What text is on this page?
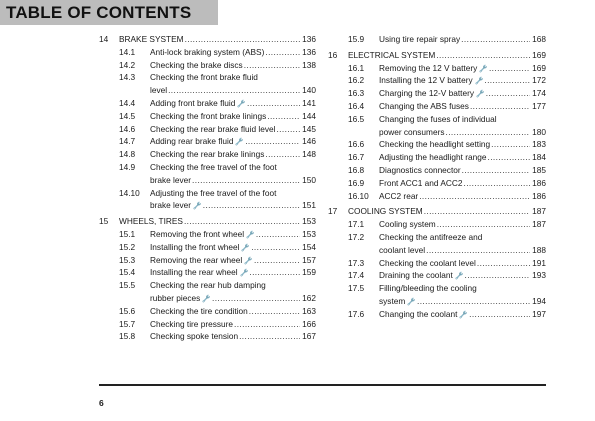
TABLE OF CONTENTS
14 BRAKE SYSTEM .....	136
14.1 Anti-lock braking system (ABS) .....	136
14.2 Checking the brake discs .....	138
14.3 Checking the front brake fluid
level .....	140
14.4 Adding front brake fluid 🔧 .....	141
14.5 Checking the front brake linings .....	144
14.6 Checking the rear brake fluid level .....	145
14.7 Adding rear brake fluid 🔧 .....	146
14.8 Checking the rear brake linings .....	148
14.9 Checking the free travel of the foot
brake lever .....	150
14.10 Adjusting the free travel of the foot
brake lever 🔧 .....	151
15 WHEELS, TIRES .....	153
15.1 Removing the front wheel 🔧 .....	153
15.2 Installing the front wheel 🔧 .....	154
15.3 Removing the rear wheel 🔧 .....	157
15.4 Installing the rear wheel 🔧 .....	159
15.5 Checking the rear hub damping
rubber pieces 🔧 .....	162
15.6 Checking the tire condition .....	163
15.7 Checking tire pressure .....	166
15.8 Checking spoke tension .....	167
15.9 Using tire repair spray .....	168
16 ELECTRICAL SYSTEM .....	169
16.1 Removing the 12 V battery 🔧 .....	169
16.2 Installing the 12 V battery 🔧 .....	172
16.3 Charging the 12-V battery 🔧 .....	174
16.4 Changing the ABS fuses .....	177
16.5 Changing the fuses of individual
power consumers .....	180
16.6 Checking the headlight setting .....	183
16.7 Adjusting the headlight range .....	184
16.8 Diagnostics connector .....	185
16.9 Front ACC1 and ACC2 .....	186
16.10 ACC2 rear .....	186
17 COOLING SYSTEM .....	187
17.1 Cooling system .....	187
17.2 Checking the antifreeze and
coolant level .....	188
17.3 Checking the coolant level .....	191
17.4 Draining the coolant 🔧 .....	193
17.5 Filling/bleeding the cooling
system 🔧 .....	194
17.6 Changing the coolant 🔧 .....	197
6
